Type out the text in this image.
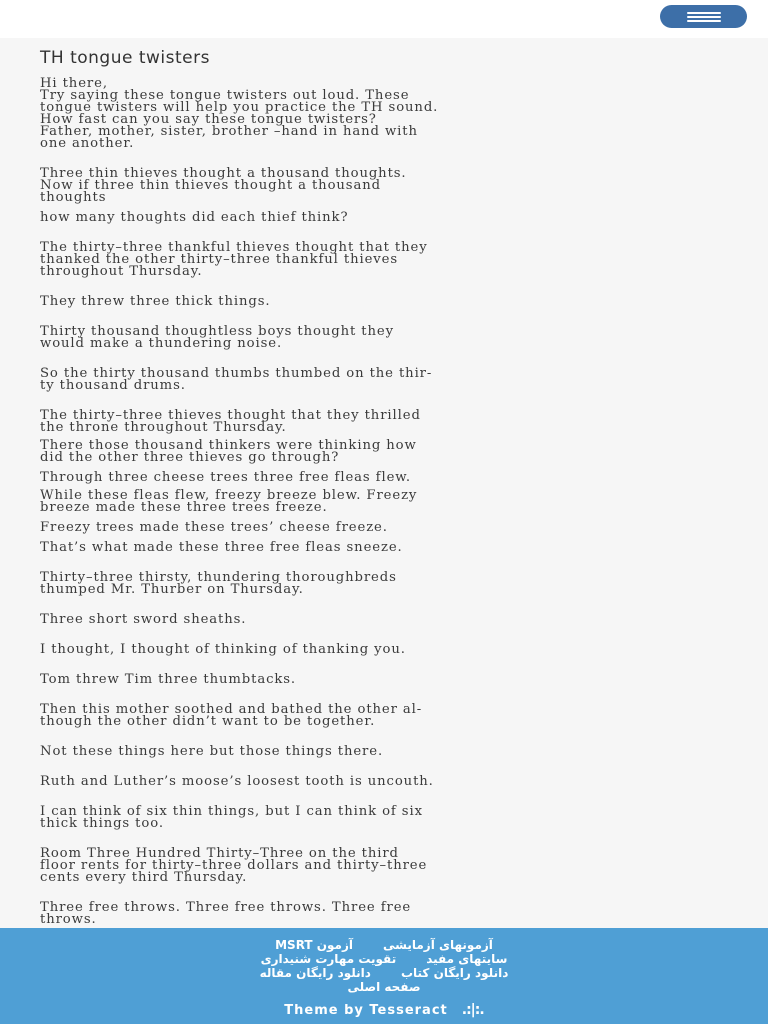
TH tongue twisters

Hi there,
Try saying these tongue twisters out loud. These
tongue twisters will help you practice the TH sound.
How fast can you say these tongue twisters?

Father, mother, sister, brother –hand in hand with
one another.

Three thin thieves thought a thousand thoughts.
Now if three thin thieves thought a thousand
thoughts

how many thoughts did each thief think?

The thirty–three thankful thieves thought that they
thanked the other thirty–three thankful thieves
throughout Thursday.

They threw three thick things.

Thirty thousand thoughtless boys thought they
would make a thundering noise.

So the thirty thousand thumbs thumbed on the thir-
ty thousand drums.

The thirty–three thieves thought that they thrilled
the throne throughout Thursday.

There those thousand thinkers were thinking how
did the other three thieves go through?

Through three cheese trees three free fleas flew.

While these fleas flew, freezy breeze blew. Freezy
breeze made these three trees freeze.

Freezy trees made these trees’ cheese freeze.

That’s what made these three free fleas sneeze.

Thirty–three thirsty, thundering thoroughbreds
thumped Mr. Thurber on Thursday.

Three short sword sheaths.

I thought, I thought of thinking of thanking you.

Tom threw Tim three thumbtacks.

Then this mother soothed and bathed the other al-
though the other didn’t want to be together.

Not these things here but those things there.

Ruth and Luther’s moose’s loosest tooth is uncouth.

I can think of six thin things, but I can think of six
thick things too.

Room Three Hundred Thirty–Three on the third
floor rents for thirty–three dollars and thirty–three
cents every third Thursday.

Three free throws. Three free throws. Three free
throws.

آزمونهای آزمایشی
آزمون MSRT
سایتهای مفید
تقویت مهارت شنیداری
دانلود رایگان کتاب
دانلود رایگان مقاله
صفحه اصلی
Theme by Tesseract .:|:.
